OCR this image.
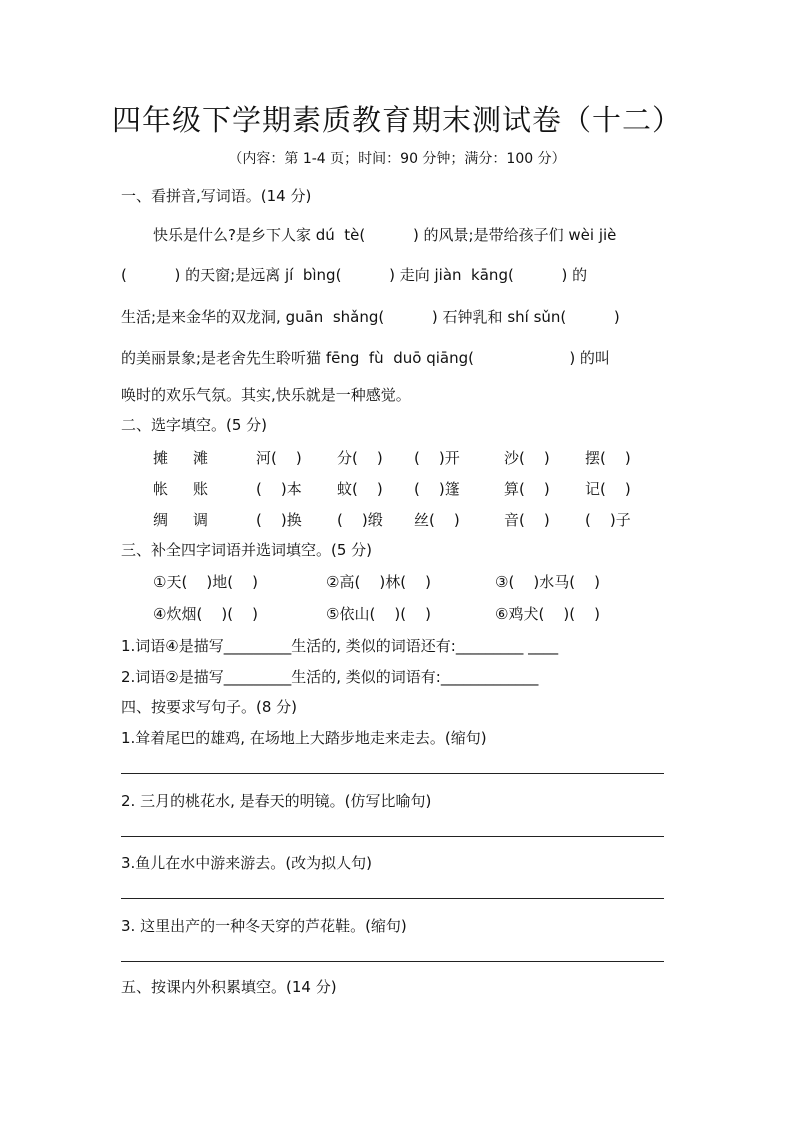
四年级下学期素质教育期末测试卷（十二）
（内容：第 1-4 页；时间：90 分钟；满分：100 分）
一、看拼音,写词语。(14 分)
快乐是什么?是乡下人家 dú  tè(          ) 的风景;是带给孩子们 wèi jiè
(          ) 的天窗;是远离 jí  bìng(          ) 走向 jiàn  kāng(          ) 的
生活;是来金华的双龙洞, guān  shǎng(          ) 石钟乳和 shí sǔn(          )
的美丽景象;是老舍先生聆听猫 fēng  fù  duō qiāng(                    ) 的叫
唤时的欢乐气氛。其实,快乐就是一种感觉。
二、选字填空。(5 分)
摊 滩	河(    ) 分(    ) (    )开	沙(    ) 摆(    )
帐 账	(    )本 蚊(    ) (    )篷	算(    ) 记(    )
绸 调	(    )换 (    )缎 丝(    )	音(    ) (    )子
三、补全四字词语并选词填空。(5 分)
①天(    )地(    )	②高(    )林(    )	③(    )水马(    )
④炊烟(    )(    )	⑤依山(    )(    )	⑥鸡犬(    )(    )
1.词语④是描写_________生活的, 类似的词语还有:_________ ____
2.词语②是描写_________生活的, 类似的词语有:_____________
四、按要求写句子。(8 分)
1.耸着尾巴的雄鸡, 在场地上大踏步地走来走去。(缩句)
2. 三月的桃花水, 是春天的明镜。(仿写比喻句)
3.鱼儿在水中游来游去。(改为拟人句)
3. 这里出产的一种冬天穿的芦花鞋。(缩句)
五、按课内外积累填空。(14 分)
